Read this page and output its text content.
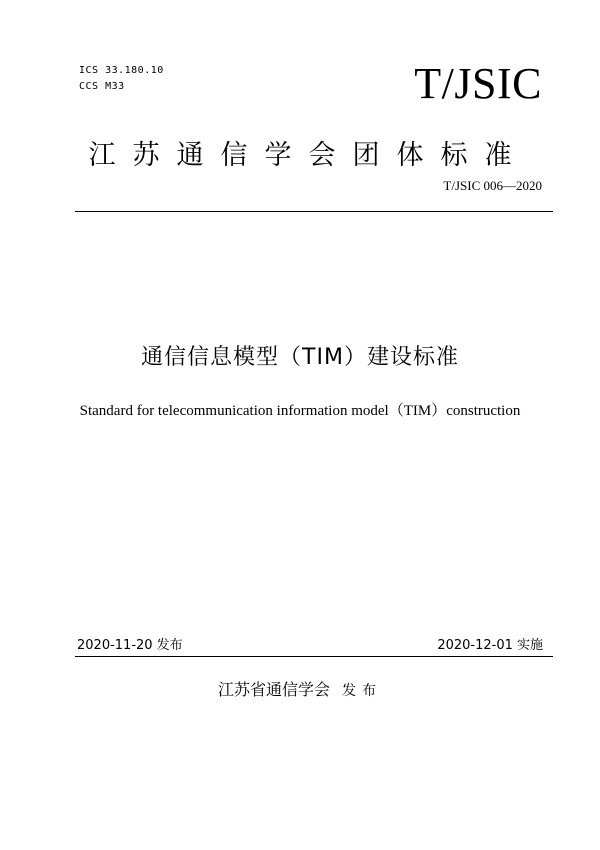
ICS 33.180.10
CCS M33	T/JSIC
江苏通信学会团体标准
T/JSIC 006—2020
通信信息模型（TIM）建设标准
Standard for telecommunication information model（TIM）construction
2020-11-20 发布	2020-12-01 实施
江苏省通信学会 发布
